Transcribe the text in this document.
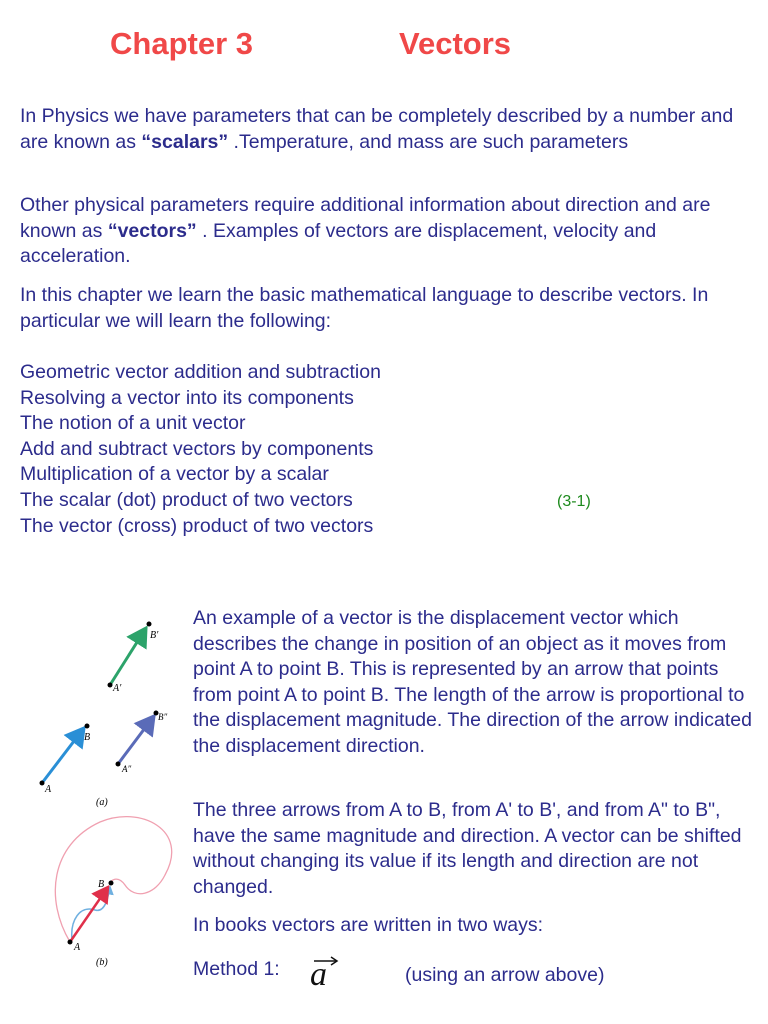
Chapter 3	Vectors

In Physics we have parameters that can be completely described by a number and are known as “scalars” .Temperature, and mass are such parameters

Other physical parameters require additional information about direction and are known as “vectors” . Examples of vectors are displacement, velocity and acceleration.

In this chapter we learn the basic mathematical language to describe vectors. In particular we will learn the following:

Geometric vector addition and subtraction
Resolving a vector into its components
The notion of a unit vector
Add and subtract vectors by components
Multiplication of a vector by a scalar
The scalar (dot) product of two vectors
The vector (cross) product of two vectors
(3-1)

An example of a vector is the displacement vector which describes the change in position of an object as it moves from point A to point B. This is represented by an arrow that points from point A to point B. The length of the arrow is proportional to the displacement magnitude. The direction of the arrow indicated the displacement direction.

The three arrows from A to B, from A' to B', and from A" to B", have the same magnitude and direction. A vector can be shifted without changing its value if its length and direction are not changed.

In books vectors are written in two ways:

Method 1: a	(using an arrow above)
A
B
A′
B′
A″
B″
(a)
A
B
(b)
